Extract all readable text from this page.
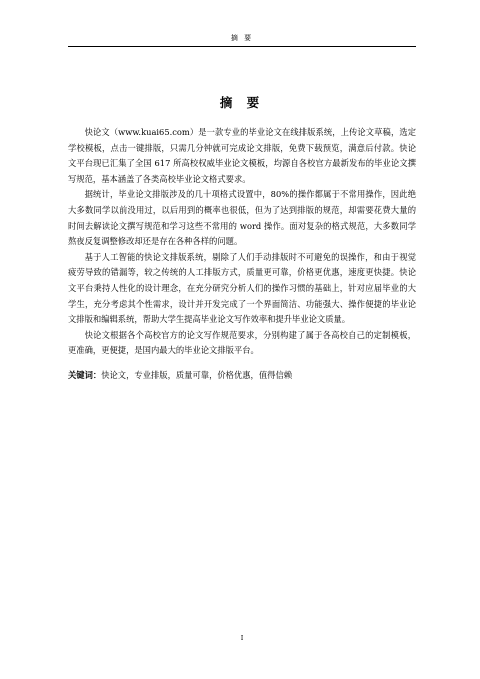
摘 要
摘 要

快论文（www.kuai65.com）是一款专业的毕业论文在线排版系统，上传论文草稿，选定学校模板，点击一键排版，只需几分钟就可完成论文排版，免费下载预览，满意后付款。快论文平台现已汇集了全国 617 所高校权威毕业论文模板，均源自各校官方最新发布的毕业论文撰写规范，基本涵盖了各类高校毕业论文格式要求。

据统计，毕业论文排版涉及的几十项格式设置中，80%的操作都属于不常用操作，因此绝大多数同学以前没用过，以后用到的概率也很低，但为了达到排版的规范，却需要花费大量的时间去解读论文撰写规范和学习这些不常用的 word 操作。面对复杂的格式规范，大多数同学熬夜反复调整修改却还是存在各种各样的问题。

基于人工智能的快论文排版系统，剔除了人们手动排版时不可避免的误操作，和由于视觉疲劳导致的错漏等，较之传统的人工排版方式，质量更可靠，价格更优惠，速度更快捷。快论文平台秉持人性化的设计理念，在充分研究分析人们的操作习惯的基础上，针对应届毕业的大学生，充分考虑其个性需求，设计并开发完成了一个界面简洁、功能强大、操作便捷的毕业论文排版和编辑系统，帮助大学生提高毕业论文写作效率和提升毕业论文质量。

快论文根据各个高校官方的论文写作规范要求，分别构建了属于各高校自己的定制模板，更准确，更便捷，是国内最大的毕业论文排版平台。

关键词：快论文，专业排版，质量可靠，价格优惠，值得信赖

I
